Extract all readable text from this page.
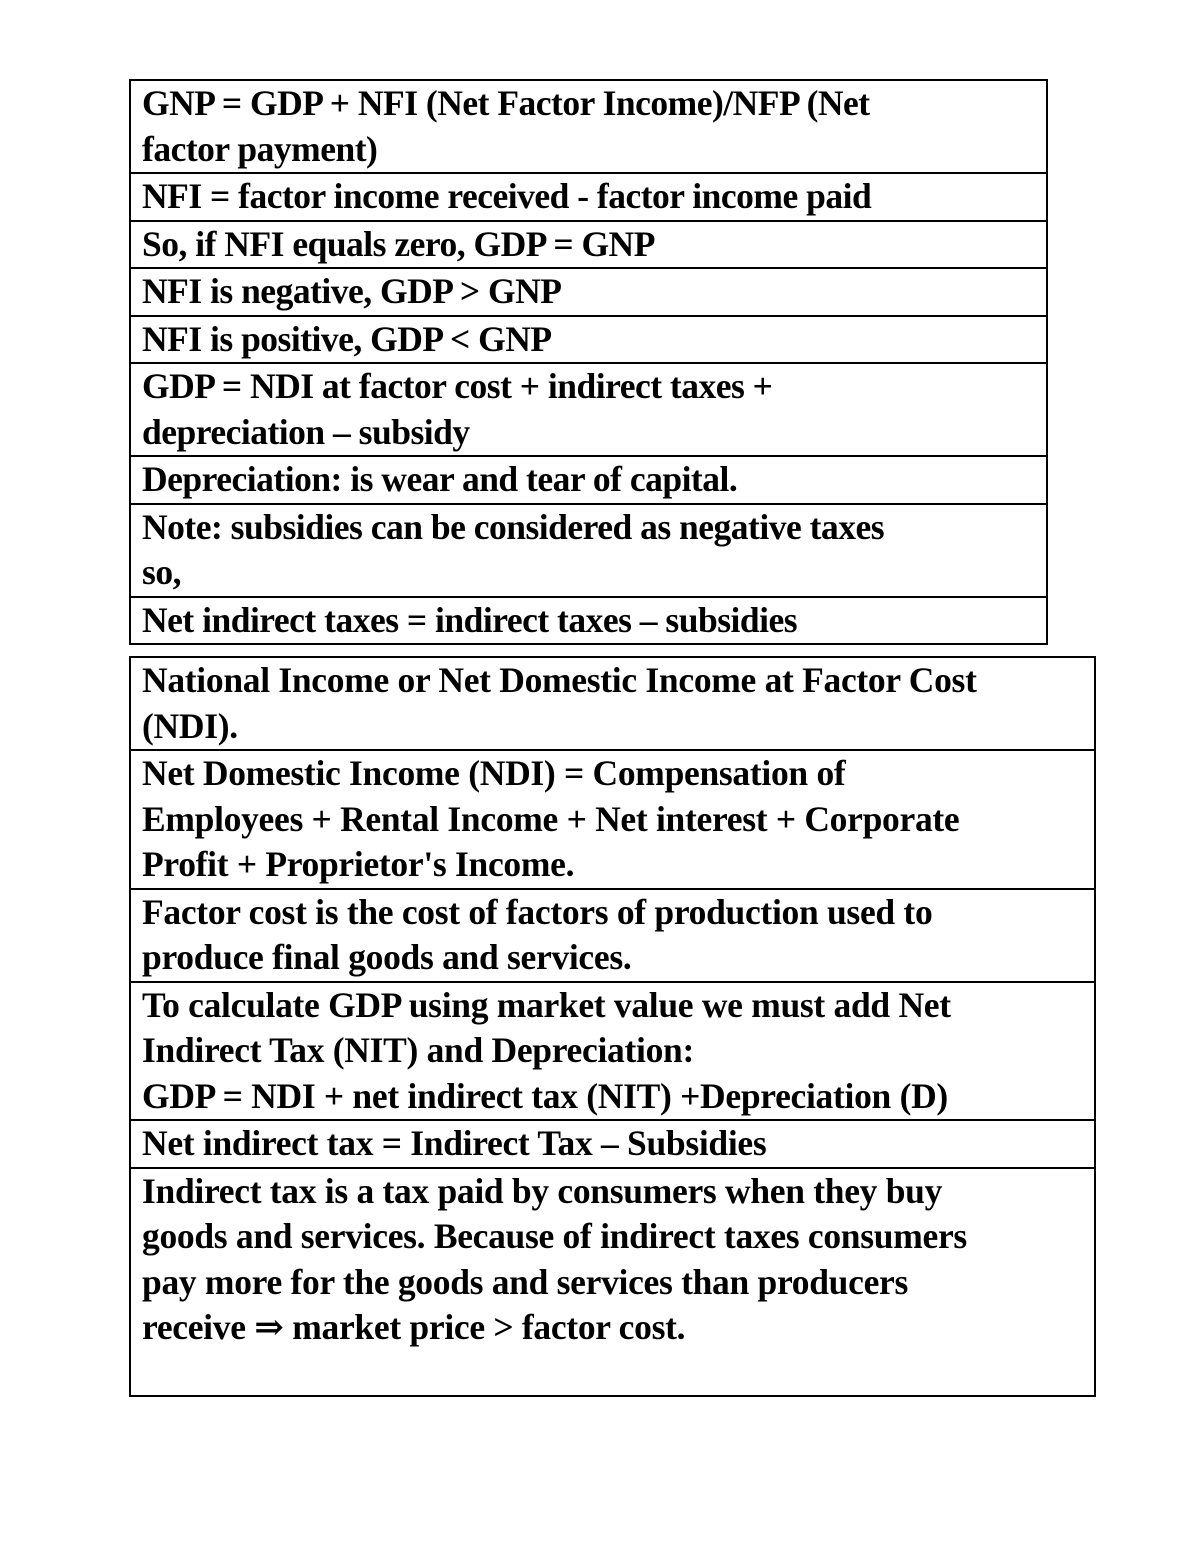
GNP = GDP + NFI (Net Factor Income)/NFP (Net
factor payment)
NFI = factor income received - factor income paid
So, if NFI equals zero, GDP = GNP
NFI is negative, GDP > GNP
NFI is positive, GDP < GNP
GDP = NDI at factor cost + indirect taxes +
depreciation – subsidy
Depreciation: is wear and tear of capital.
Note: subsidies can be considered as negative taxes
so,
Net indirect taxes = indirect taxes – subsidies
National Income or Net Domestic Income at Factor Cost
(NDI).
Net Domestic Income (NDI) = Compensation of
Employees + Rental Income + Net interest + Corporate
Profit + Proprietor's Income.
Factor cost is the cost of factors of production used to
produce final goods and services.
To calculate GDP using market value we must add Net
Indirect Tax (NIT) and Depreciation:
GDP = NDI + net indirect tax (NIT) +Depreciation (D)
Net indirect tax = Indirect Tax – Subsidies
Indirect tax is a tax paid by consumers when they buy
goods and services. Because of indirect taxes consumers
pay more for the goods and services than producers
receive ⇒ market price > factor cost.
